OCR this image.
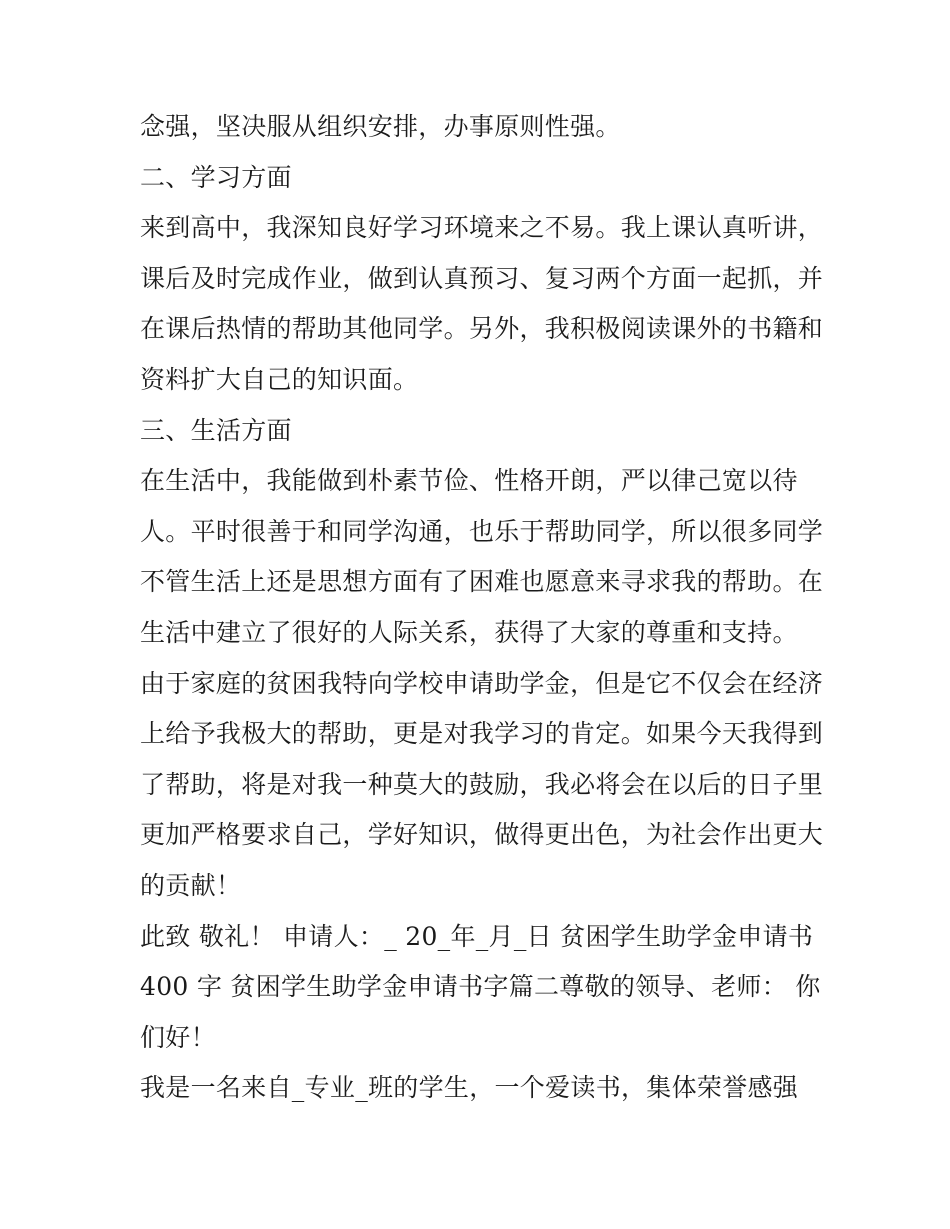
念强，坚决服从组织安排，办事原则性强。
二、学习方面
来到高中，我深知良好学习环境来之不易。我上课认真听讲，
课后及时完成作业，做到认真预习、复习两个方面一起抓，并
在课后热情的帮助其他同学。另外，我积极阅读课外的书籍和
资料扩大自己的知识面。
三、生活方面
在生活中，我能做到朴素节俭、性格开朗，严以律己宽以待
人。平时很善于和同学沟通，也乐于帮助同学，所以很多同学
不管生活上还是思想方面有了困难也愿意来寻求我的帮助。在
生活中建立了很好的人际关系，获得了大家的尊重和支持。
由于家庭的贫困我特向学校申请助学金，但是它不仅会在经济
上给予我极大的帮助，更是对我学习的肯定。如果今天我得到
了帮助，将是对我一种莫大的鼓励，我必将会在以后的日子里
更加严格要求自己，学好知识，做得更出色，为社会作出更大
的贡献！
此致 敬礼！ 申请人：_ 20_年_月_日 贫困学生助学金申请书
400 字 贫困学生助学金申请书字篇二尊敬的领导、老师： 你
们好！
我是一名来自_专业_班的学生，一个爱读书，集体荣誉感强
